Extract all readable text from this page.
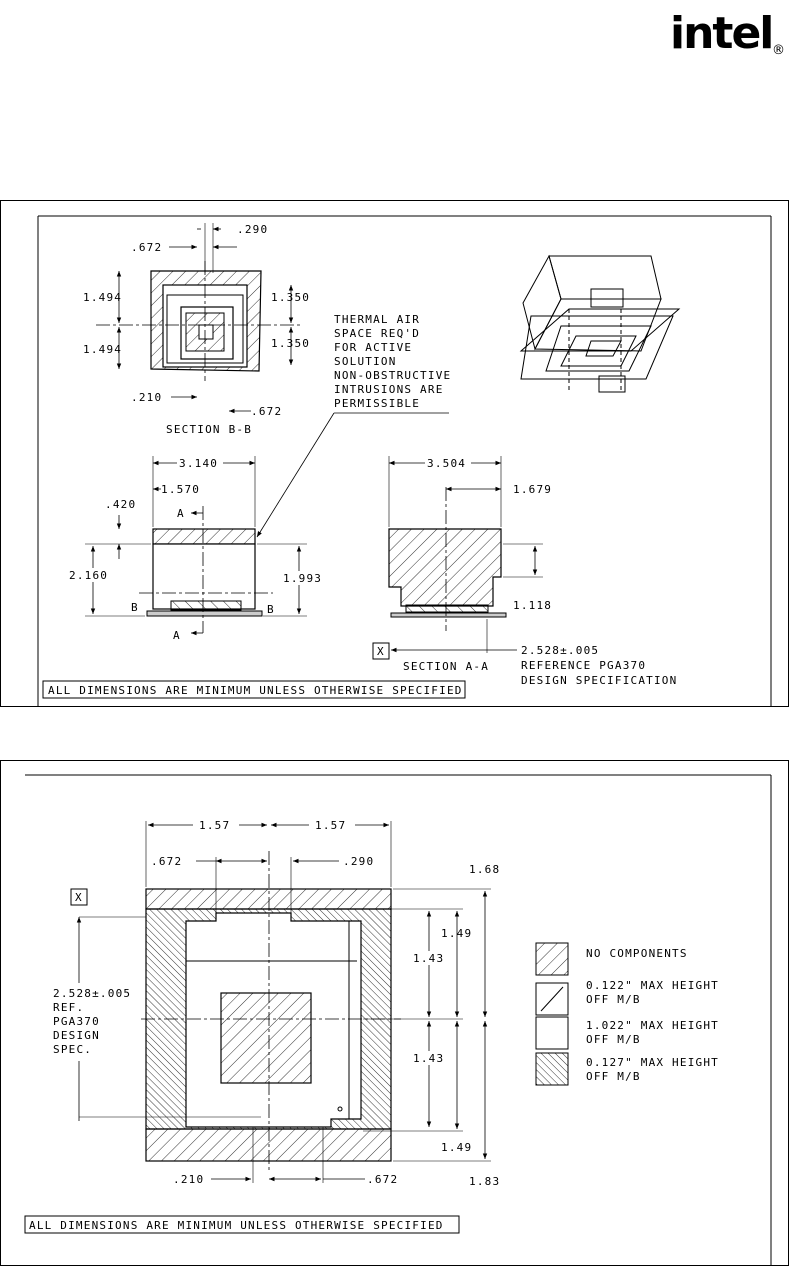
intel ®
.672
.290
1.494
1.494
1.350
1.350
.210
.672
SECTION B-B
THERMAL AIR
SPACE REQ'D
FOR ACTIVE
SOLUTION
NON-OBSTRUCTIVE
INTRUSIONS ARE
PERMISSIBLE
A
A
B	B
3.140
1.570
.420
2.160	1.993
3.504
1.679
1.118
X	2.528±.005
REFERENCE PGA370
DESIGN SPECIFICATION
SECTION A-A
ALL DIMENSIONS ARE MINIMUM UNLESS OTHERWISE SPECIFIED
1.57	1.57
.672	.290
1.68
1.83
1.49
1.49
1.43
1.43
.210	.672
X
2.528±.005
REF.
PGA370
DESIGN
SPEC.
NO COMPONENTS
0.122" MAX HEIGHT
OFF M/B
1.022" MAX HEIGHT
OFF M/B
0.127" MAX HEIGHT
OFF M/B
ALL DIMENSIONS ARE MINIMUM UNLESS OTHERWISE SPECIFIED
